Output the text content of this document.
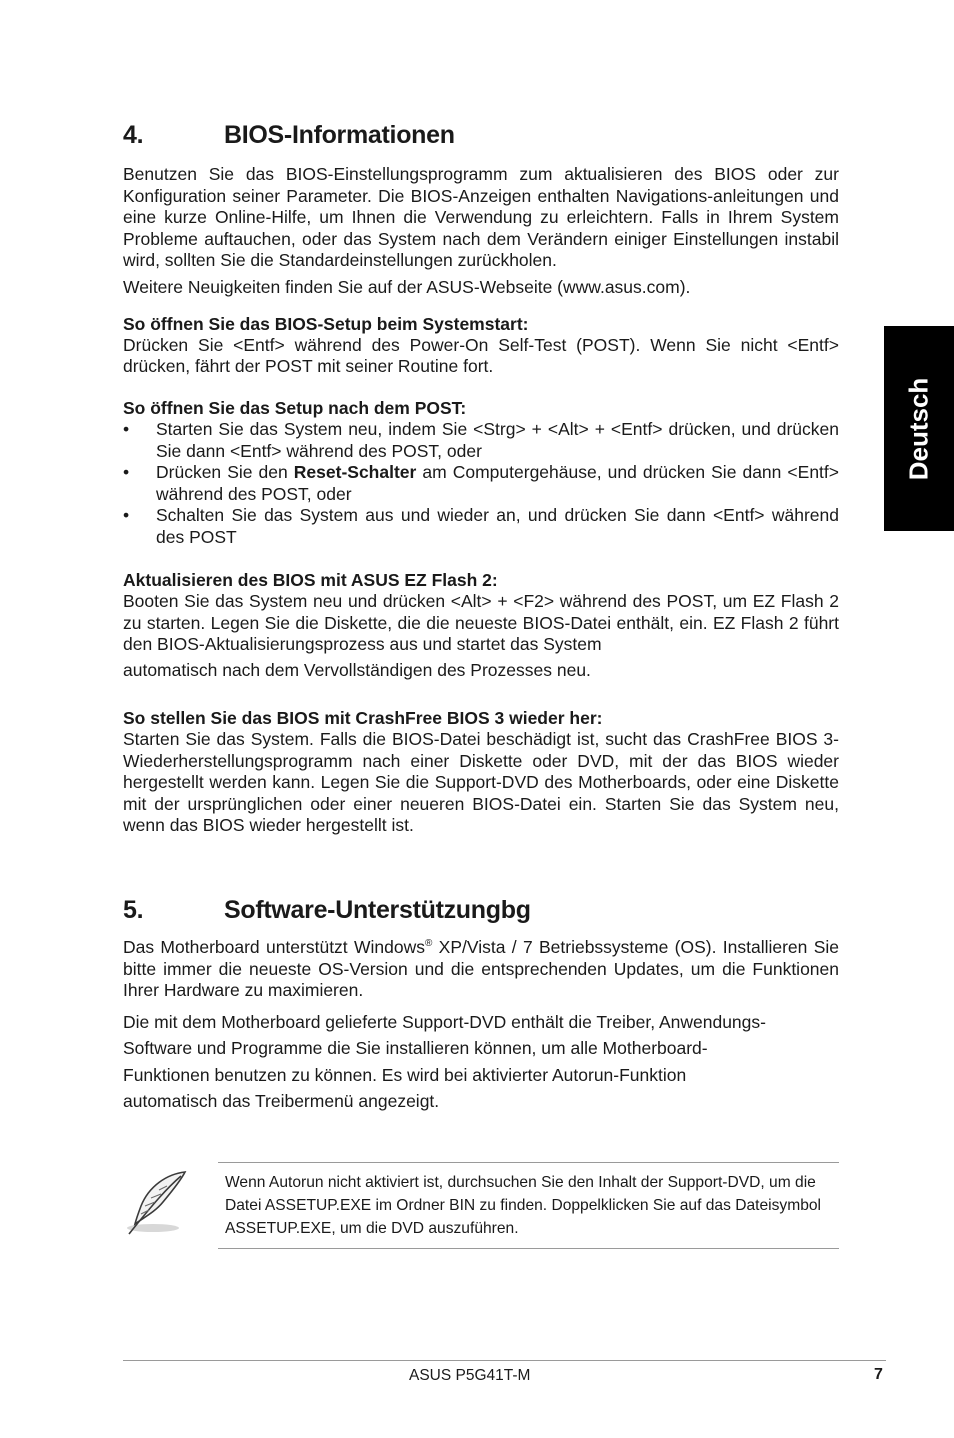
Deutsch
4.	BIOS-Informationen

Benutzen Sie das BIOS-Einstellungsprogramm zum aktualisieren des BIOS oder zur Konfiguration seiner Parameter. Die BIOS-Anzeigen enthalten Navigations-anleitungen und eine kurze Online-Hilfe, um Ihnen die Verwendung zu erleichtern. Falls in Ihrem System Probleme auftauchen, oder das System nach dem Verändern einiger Einstellungen instabil wird, sollten Sie die Standardeinstellungen zurückholen.

Weitere Neuigkeiten finden Sie auf der ASUS-Webseite (www.asus.com).

So öffnen Sie das BIOS-Setup beim Systemstart:

Drücken Sie <Entf> während des Power-On Self-Test (POST). Wenn Sie nicht <Entf> drücken, fährt der POST mit seiner Routine fort.

So öffnen Sie das Setup nach dem POST:
• Starten Sie das System neu, indem Sie <Strg> + <Alt> + <Entf> drücken, und drücken Sie dann <Entf> während des POST, oder
• Drücken Sie den Reset-Schalter am Computergehäuse, und drücken Sie dann <Entf> während des POST, oder
• Schalten Sie das System aus und wieder an, und drücken Sie dann <Entf> während des POST
Aktualisieren des BIOS mit ASUS EZ Flash 2:

Booten Sie das System neu und drücken <Alt> + <F2> während des POST, um EZ Flash 2 zu starten. Legen Sie die Diskette, die die neueste BIOS-Datei enthält, ein. EZ Flash 2 führt den BIOS-Aktualisierungsprozess aus und startet das System

automatisch nach dem Vervollständigen des Prozesses neu.

So stellen Sie das BIOS mit CrashFree BIOS 3 wieder her:

Starten Sie das System. Falls die BIOS-Datei beschädigt ist, sucht das CrashFree BIOS 3-Wiederherstellungsprogramm nach einer Diskette oder DVD, mit der das BIOS wieder hergestellt werden kann. Legen Sie die Support-DVD des Motherboards, oder eine Diskette mit der ursprünglichen oder einer neueren BIOS-Datei ein. Starten Sie das System neu, wenn das BIOS wieder hergestellt ist.

5.	Software-Unterstützungbg

Das Motherboard unterstützt Windows® XP/Vista / 7 Betriebssysteme (OS). Installieren Sie bitte immer die neueste OS-Version und die entsprechenden Updates, um die Funktionen Ihrer Hardware zu maximieren.

Die mit dem Motherboard gelieferte Support-DVD enthält die Treiber, Anwendungs-
Software und Programme die Sie installieren können, um alle Motherboard-
Funktionen benutzen zu können. Es wird bei aktivierter Autorun-Funktion
automatisch das Treibermenü angezeigt.
Wenn Autorun nicht aktiviert ist, durchsuchen Sie den Inhalt der Support-DVD, um die Datei ASSETUP.EXE im Ordner BIN zu finden. Doppelklicken Sie auf das Dateisymbol ASSETUP.EXE, um die DVD auszuführen.
ASUS P5G41T-M	7
